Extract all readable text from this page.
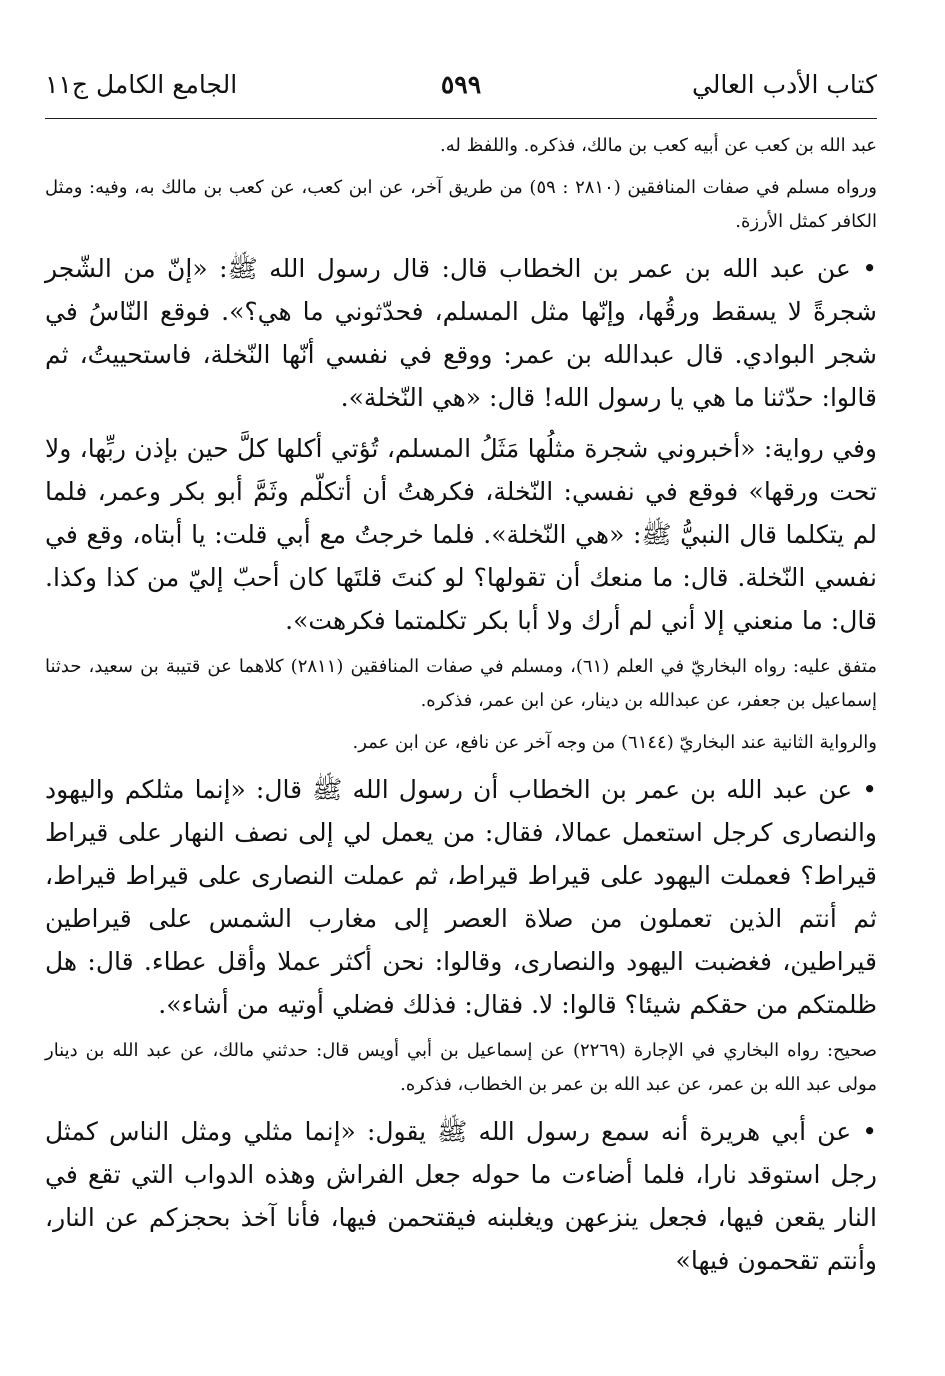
كتاب الأدب العالي
٥٩٩
الجامع الكامل ج١١

عبد الله بن كعب عن أبيه كعب بن مالك، فذكره. واللفظ له.

ورواه مسلم في صفات المنافقين (٢٨١٠ : ٥٩) من طريق آخر، عن ابن كعب، عن كعب بن مالك به، وفيه: ومثل الكافر كمثل الأرزة.

• عن عبد الله بن عمر بن الخطاب قال: قال رسول الله ﷺ: «إنّ من الشّجر شجرةً لا يسقط ورقُها، وإنّها مثل المسلم، فحدّثوني ما هي؟». فوقع النّاسُ في شجر البوادي. قال عبدالله بن عمر: ووقع في نفسي أنّها النّخلة، فاستحييتُ، ثم قالوا: حدّثنا ما هي يا رسول الله! قال: «هي النّخلة».

وفي رواية: «أخبروني شجرة مثلُها مَثَلُ المسلم، تُؤتي أكلها كلَّ حين بإذن ربِّها، ولا تحت ورقها» فوقع في نفسي: النّخلة، فكرهتُ أن أتكلّم وثَمَّ أبو بكر وعمر، فلما لم يتكلما قال النبيُّ ﷺ: «هي النّخلة». فلما خرجتُ مع أبي قلت: يا أبتاه، وقع في نفسي النّخلة. قال: ما منعك أن تقولها؟ لو كنتَ قلتَها كان أحبّ إليّ من كذا وكذا. قال: ما منعني إلا أني لم أرك ولا أبا بكر تكلمتما فكرهت».

متفق عليه: رواه البخاريّ في العلم (٦١)، ومسلم في صفات المنافقين (٢٨١١) كلاهما عن قتيبة بن سعيد، حدثنا إسماعيل بن جعفر، عن عبدالله بن دينار، عن ابن عمر، فذكره.

والرواية الثانية عند البخاريّ (٦١٤٤) من وجه آخر عن نافع، عن ابن عمر.

• عن عبد الله بن عمر بن الخطاب أن رسول الله ﷺ قال: «إنما مثلكم واليهود والنصارى كرجل استعمل عمالا، فقال: من يعمل لي إلى نصف النهار على قيراط قيراط؟ فعملت اليهود على قيراط قيراط، ثم عملت النصارى على قيراط قيراط، ثم أنتم الذين تعملون من صلاة العصر إلى مغارب الشمس على قيراطين قيراطين، فغضبت اليهود والنصارى، وقالوا: نحن أكثر عملا وأقل عطاء. قال: هل ظلمتكم من حقكم شيئا؟ قالوا: لا. فقال: فذلك فضلي أوتيه من أشاء».

صحيح: رواه البخاري في الإجارة (٢٢٦٩) عن إسماعيل بن أبي أويس قال: حدثني مالك، عن عبد الله بن دينار مولى عبد الله بن عمر، عن عبد الله بن عمر بن الخطاب، فذكره.

• عن أبي هريرة أنه سمع رسول الله ﷺ يقول: «إنما مثلي ومثل الناس كمثل رجل استوقد نارا، فلما أضاءت ما حوله جعل الفراش وهذه الدواب التي تقع في النار يقعن فيها، فجعل ينزعهن ويغلبنه فيقتحمن فيها، فأنا آخذ بحجزكم عن النار، وأنتم تقحمون فيها»
